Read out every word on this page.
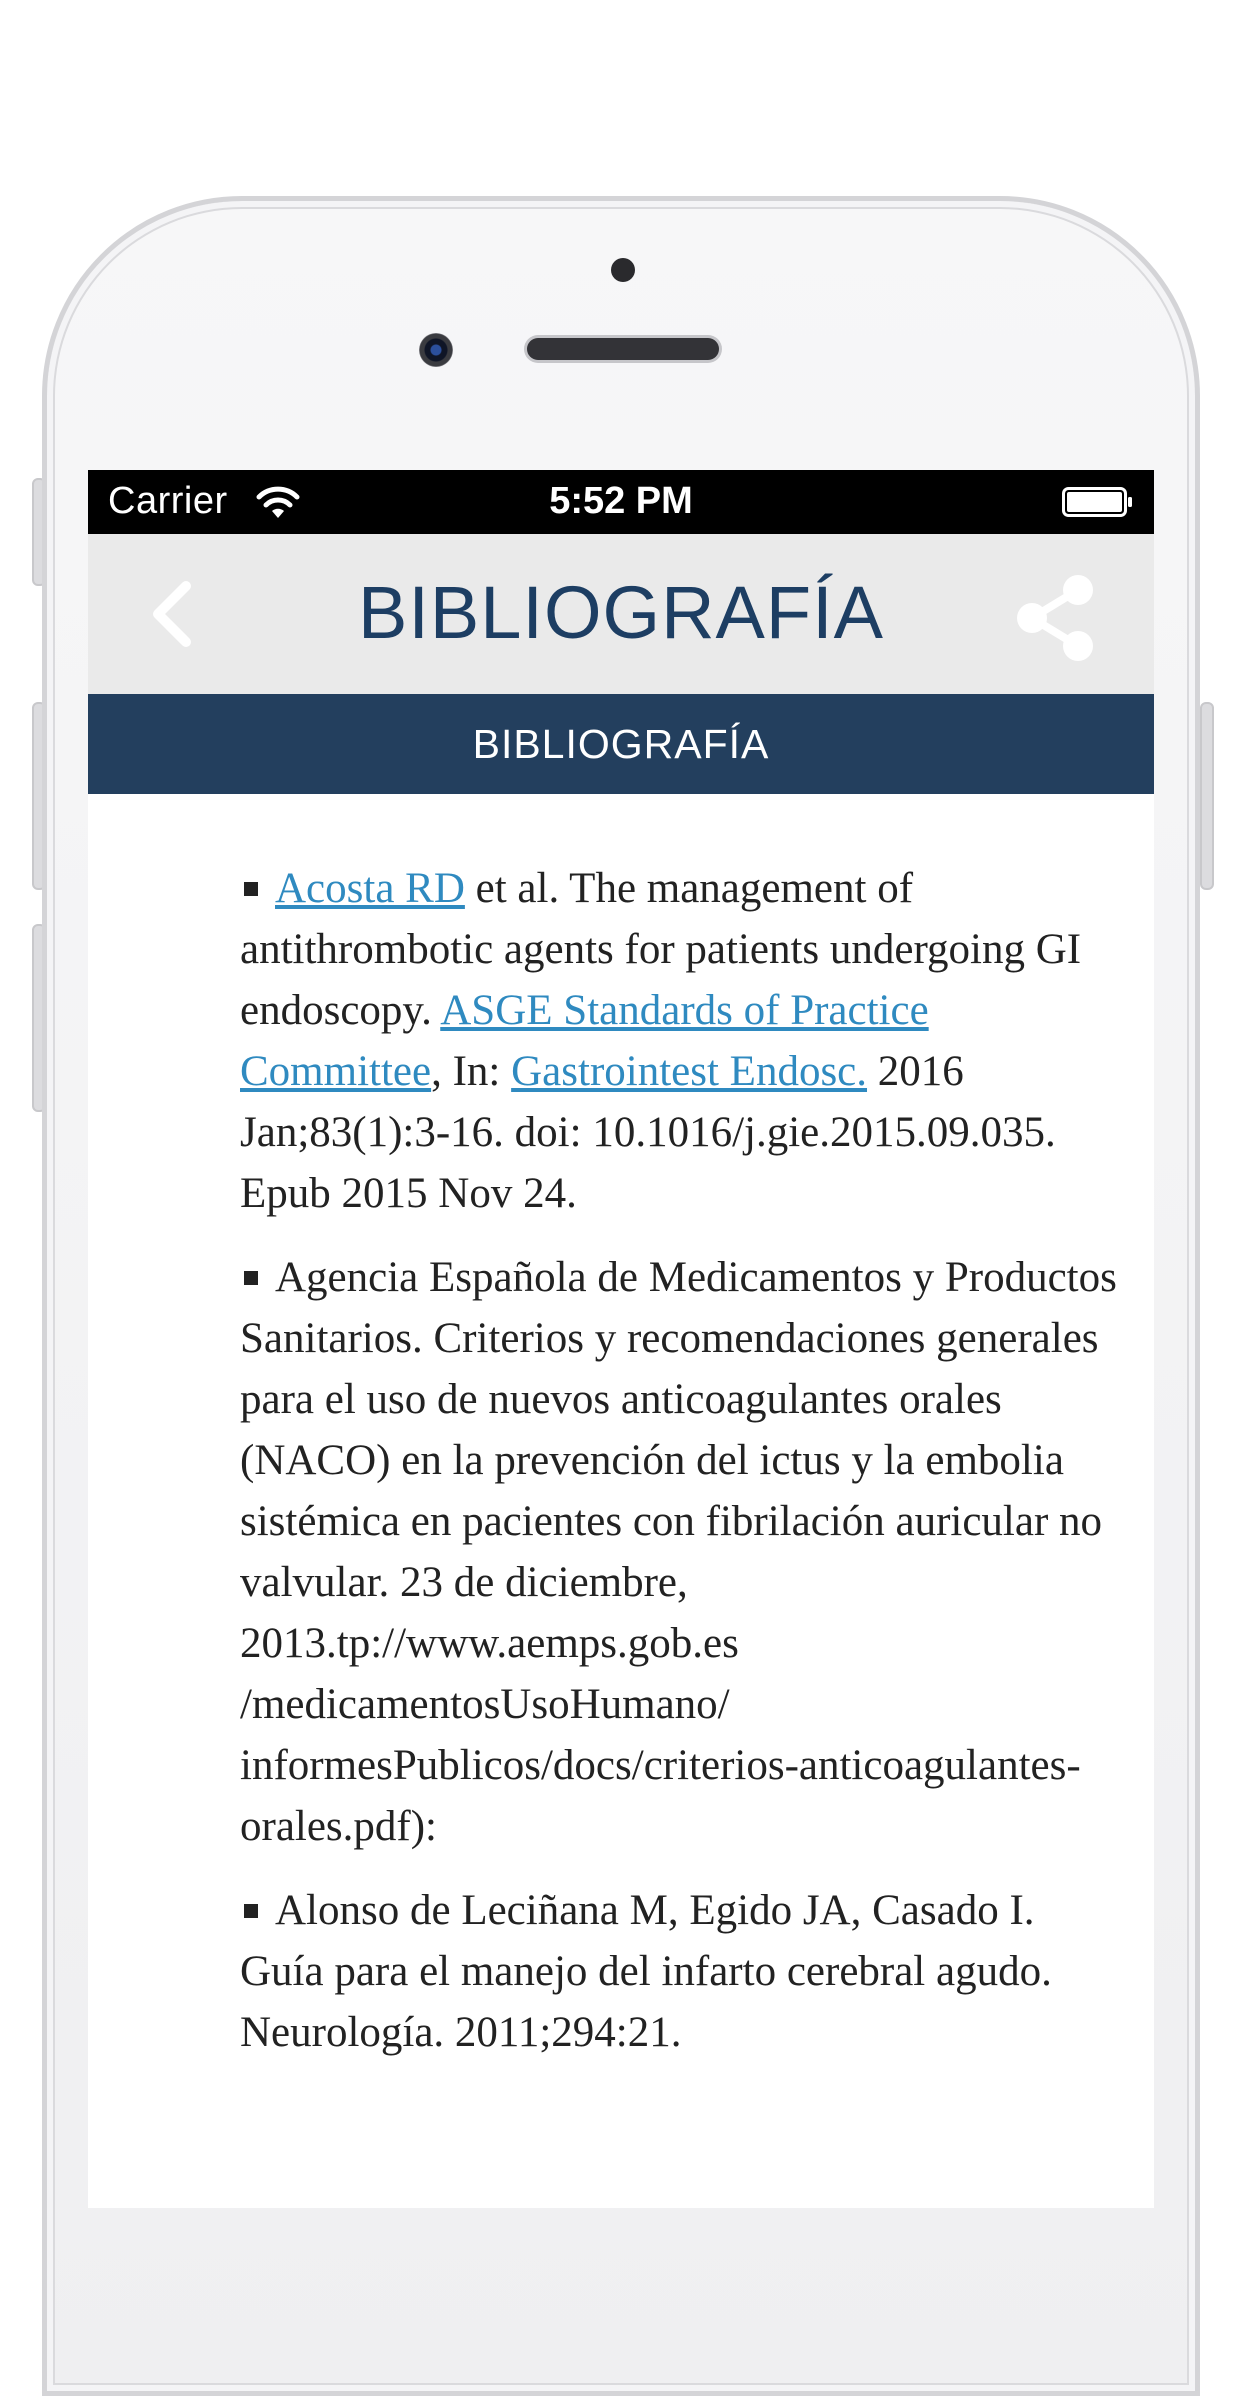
Carrier	5:52 PM
BIBLIOGRAFÍA
BIBLIOGRAFÍA
Acosta RD et al. The management of antithrombotic agents for patients undergoing GI endoscopy. ASGE Standards of Practice Committee, In: Gastrointest Endosc. 2016 Jan;83(1):3-16. doi: 10.1016/j.gie.2015.09.035. Epub 2015 Nov 24.
Agencia Española de Medicamentos y Productos Sanitarios. Criterios y recomendaciones generales para el uso de nuevos anticoagulantes orales (NACO) en la prevención del ictus y la embolia sistémica en pacientes con fibrilación auricular no valvular. 23 de diciembre, 2013.tp://www.aemps.gob.es /medicamentosUsoHumano/ informesPublicos/docs/criterios-anticoagulantes- orales.pdf):
Alonso de Leciñana M, Egido JA, Casado I. Guía para el manejo del infarto cerebral agudo. Neurología. 2011;294:21.
